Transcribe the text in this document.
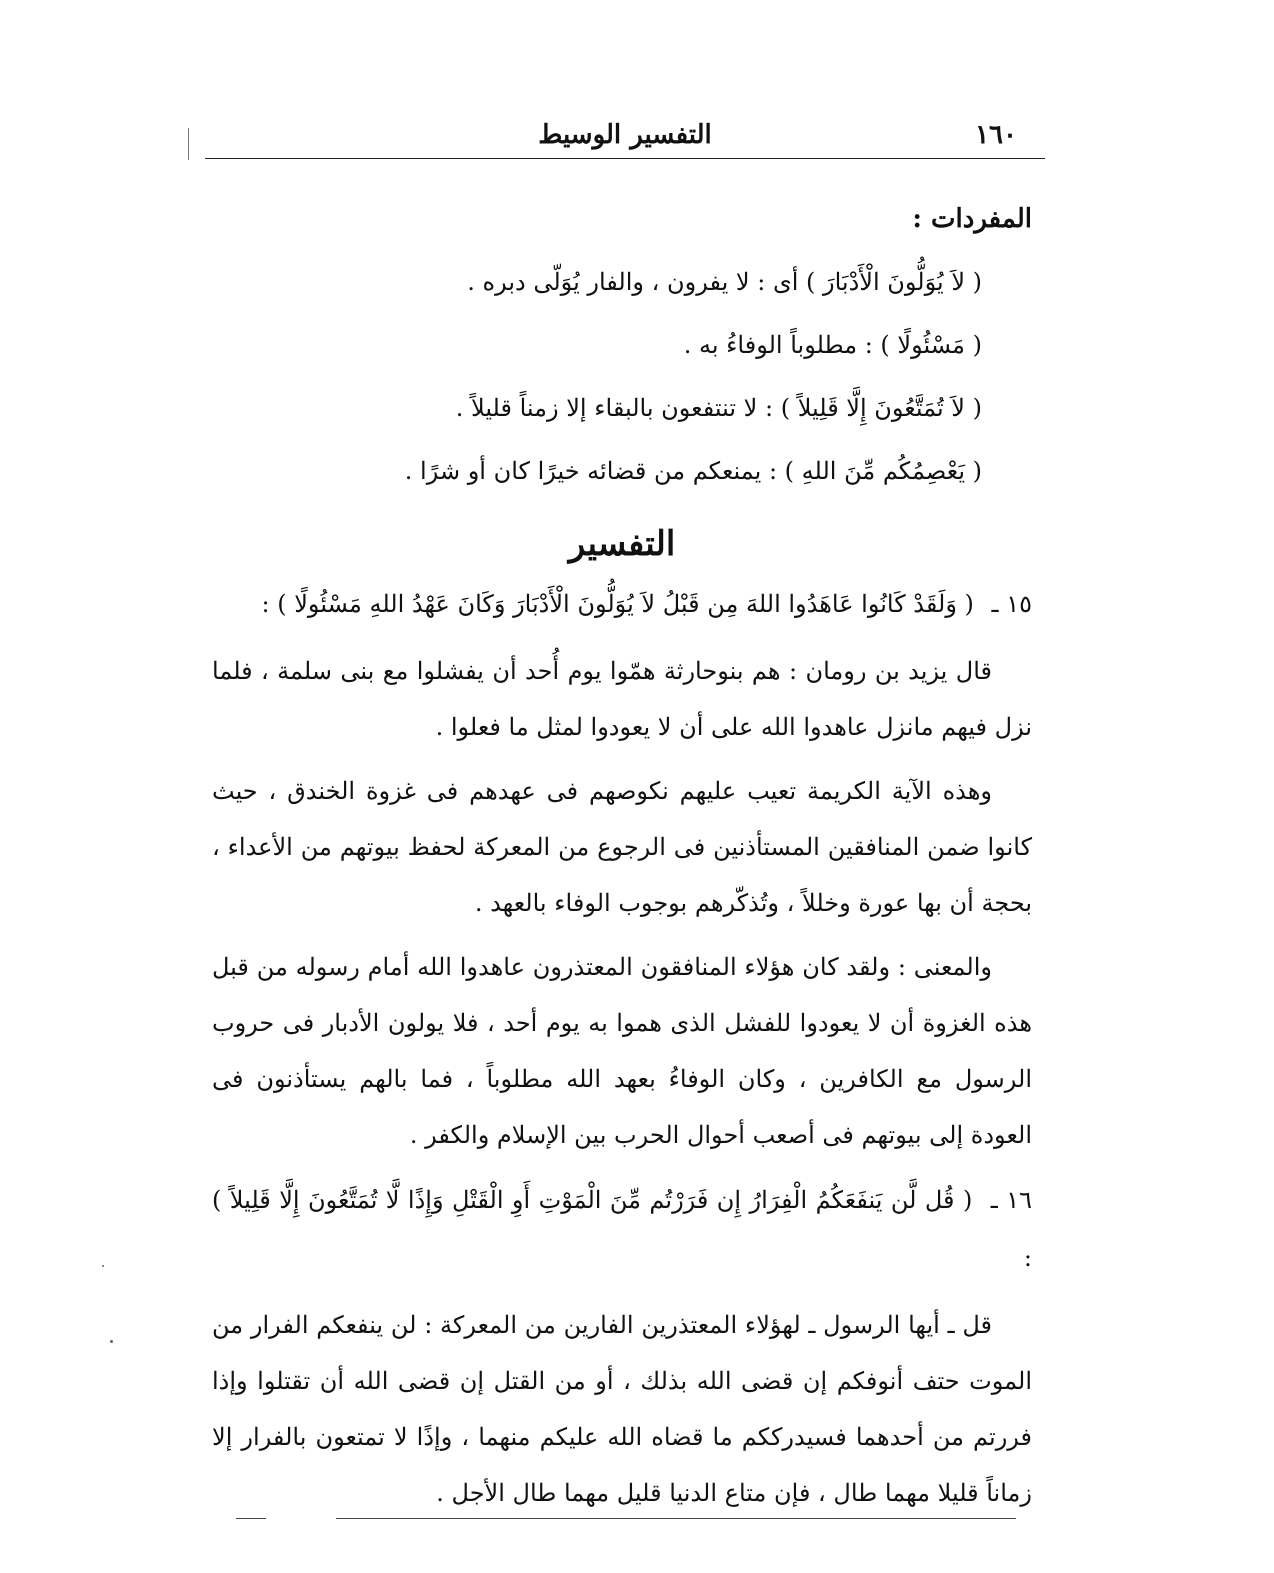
١٦٠
التفسير الوسيط
المفردات :
( لاَ يُوَلُّونَ الْأَدْبَارَ ) أى : لا يفرون ، والفار يُوَلّى دبره .
( مَسْئُولًا ) : مطلوباً الوفاءُ به .
( لاَ تُمَتَّعُونَ إِلَّا قَلِيلاً ) : لا تنتفعون بالبقاء إلا زمناً قليلاً .
( يَعْصِمُكُم مِّنَ اللهِ ) : يمنعكم من قضائه خيرًا كان أو شرًا .
التفسير

١٥ ـ ( وَلَقَدْ كَانُوا عَاهَدُوا اللهَ مِن قَبْلُ لاَ يُوَلُّونَ الْأَدْبَارَ وَكَانَ عَهْدُ اللهِ مَسْئُولًا ) :

قال يزيد بن رومان : هم بنوحارثة همّوا يوم أُحد أن يفشلوا مع بنى سلمة ، فلما نزل فيهم مانزل عاهدوا الله على أن لا يعودوا لمثل ما فعلوا .

وهذه الآية الكريمة تعيب عليهم نكوصهم فى عهدهم فى غزوة الخندق ، حيث كانوا ضمن المنافقين المستأذنين فى الرجوع من المعركة لحفظ بيوتهم من الأعداء ، بحجة أن بها عورة وخللاً ، وتُذكّرهم بوجوب الوفاء بالعهد .

والمعنى : ولقد كان هؤلاء المنافقون المعتذرون عاهدوا الله أمام رسوله من قبل هذه الغزوة أن لا يعودوا للفشل الذى هموا به يوم أحد ، فلا يولون الأدبار فى حروب الرسول مع الكافرين ، وكان الوفاءُ بعهد الله مطلوباً ، فما بالهم يستأذنون فى العودة إلى بيوتهم فى أصعب أحوال الحرب بين الإسلام والكفر .

١٦ ـ ( قُل لَّن يَنفَعَكُمُ الْفِرَارُ إِن فَرَرْتُم مِّنَ الْمَوْتِ أَوِ الْقَتْلِ وَإِذًا لَّا تُمَتَّعُونَ إِلَّا قَلِيلاً ) :

قل ـ أيها الرسول ـ لهؤلاء المعتذرين الفارين من المعركة : لن ينفعكم الفرار من الموت حتف أنوفكم إن قضى الله بذلك ، أو من القتل إن قضى الله أن تقتلوا وإذا فررتم من أحدهما فسيدرككم ما قضاه الله عليكم منهما ، وإذًا لا تمتعون بالفرار إلا زماناً قليلا مهما طال ، فإن متاع الدنيا قليل مهما طال الأجل .
